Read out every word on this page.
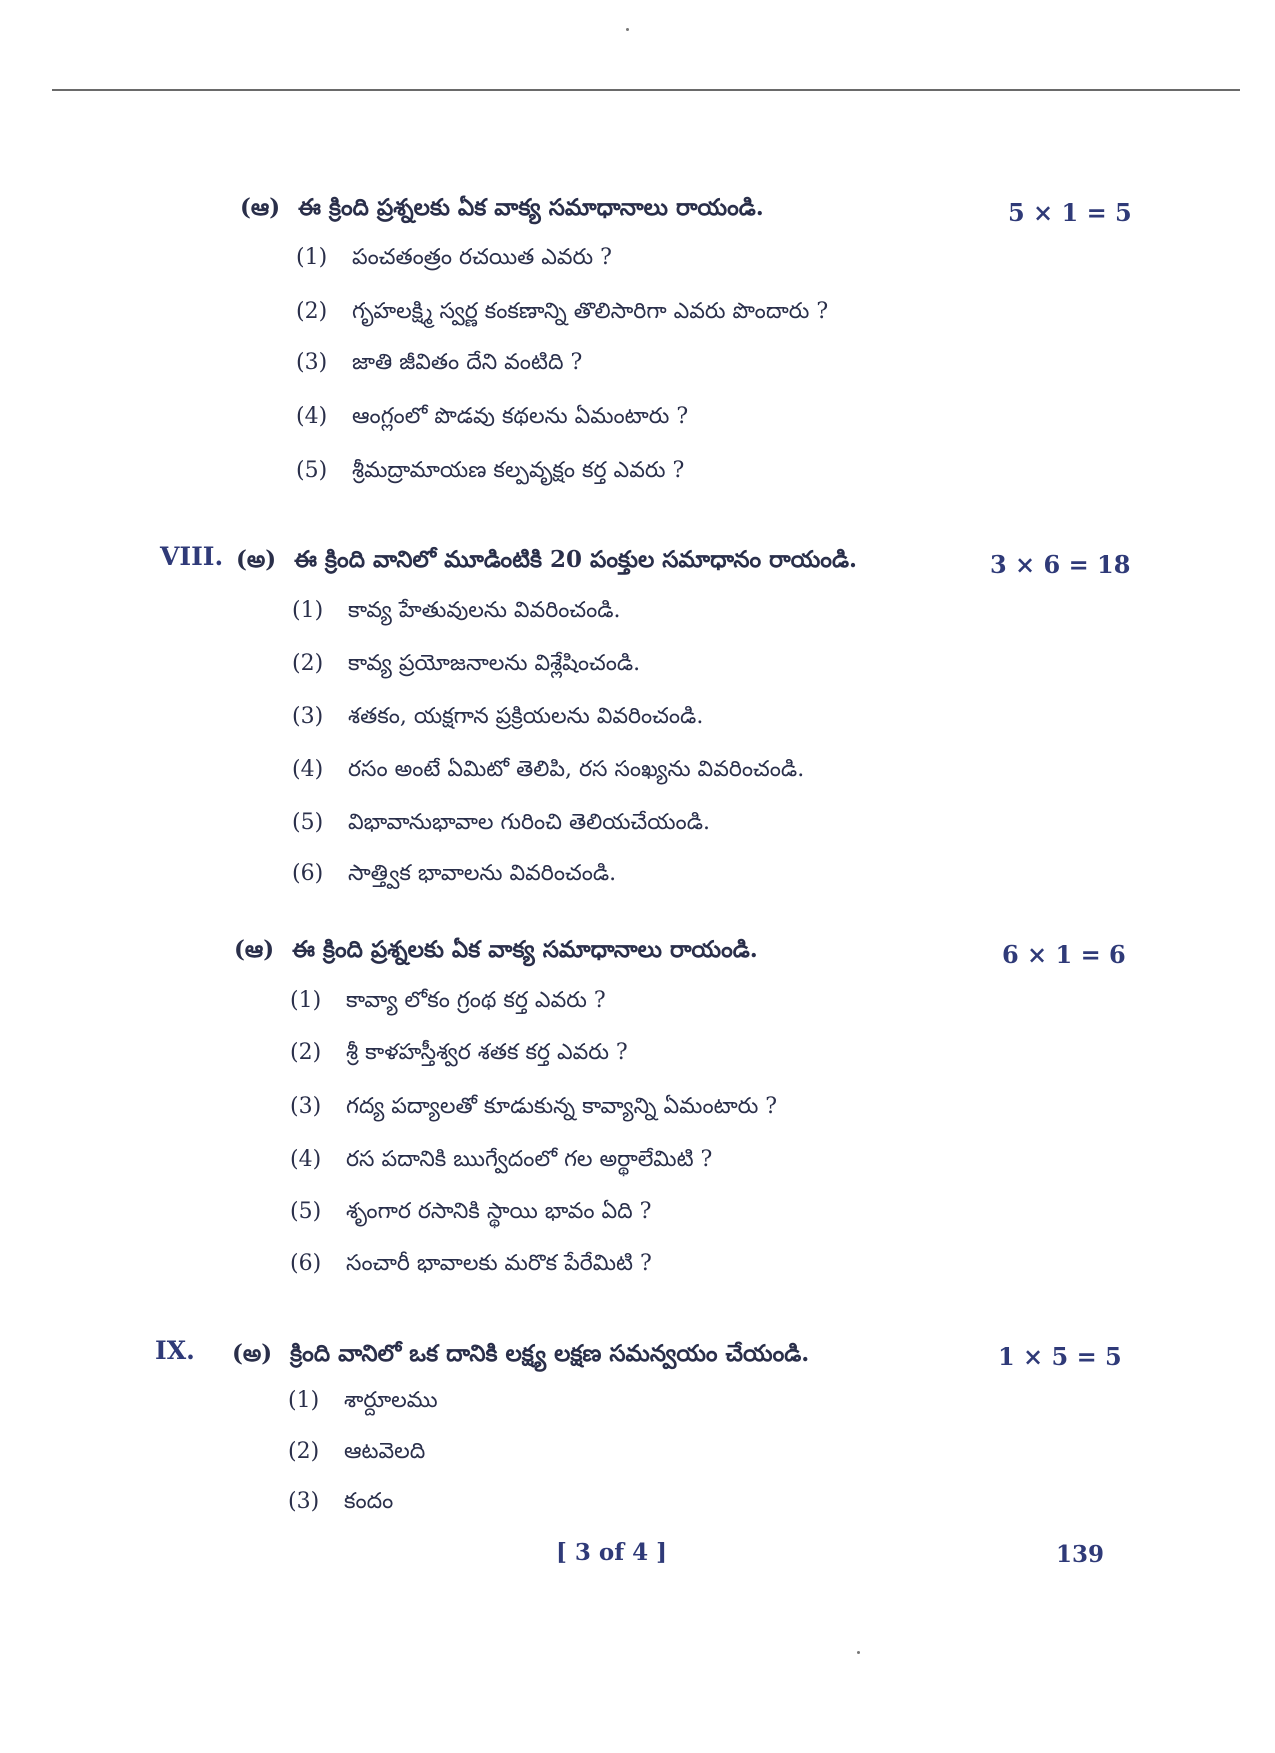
(ఆ) ఈ క్రింది ప్రశ్నలకు ఏక వాక్య సమాధానాలు రాయండి.	5 × 1 = 5
(1) పంచతంత్రం రచయిత ఎవరు ?
(2) గృహలక్ష్మి స్వర్ణ కంకణాన్ని తొలిసారిగా ఎవరు పొందారు ?
(3) జాతి జీవితం దేని వంటిది ?
(4) ఆంగ్లంలో పొడవు కథలను ఏమంటారు ?
(5) శ్రీమద్రామాయణ కల్పవృక్షం కర్త ఎవరు ?
VIII. (అ) ఈ క్రింది వానిలో మూడింటికి 20 పంక్తుల సమాధానం రాయండి.	3 × 6 = 18
(1) కావ్య హేతువులను వివరించండి.
(2) కావ్య ప్రయోజనాలను విశ్లేషించండి.
(3) శతకం, యక్షగాన ప్రక్రియలను వివరించండి.
(4) రసం అంటే ఏమిటో తెలిపి, రస సంఖ్యను వివరించండి.
(5) విభావానుభావాల గురించి తెలియచేయండి.
(6) సాత్త్విక భావాలను వివరించండి.
(ఆ) ఈ క్రింది ప్రశ్నలకు ఏక వాక్య సమాధానాలు రాయండి.	6 × 1 = 6
(1) కావ్యా లోకం గ్రంథ కర్త ఎవరు ?
(2) శ్రీ కాళహస్తీశ్వర శతక కర్త ఎవరు ?
(3) గద్య పద్యాలతో కూడుకున్న కావ్యాన్ని ఏమంటారు ?
(4) రస పదానికి ఋగ్వేదంలో గల అర్థాలేమిటి ?
(5) శృంగార రసానికి స్థాయి భావం ఏది ?
(6) సంచారీ భావాలకు మరొక పేరేమిటి ?
IX. (అ) క్రింది వానిలో ఒక దానికి లక్ష్య లక్షణ సమన్వయం చేయండి.	1 × 5 = 5
(1) శార్దూలము
(2) ఆటవెలది
(3) కందం
[ 3 of 4 ]	139
